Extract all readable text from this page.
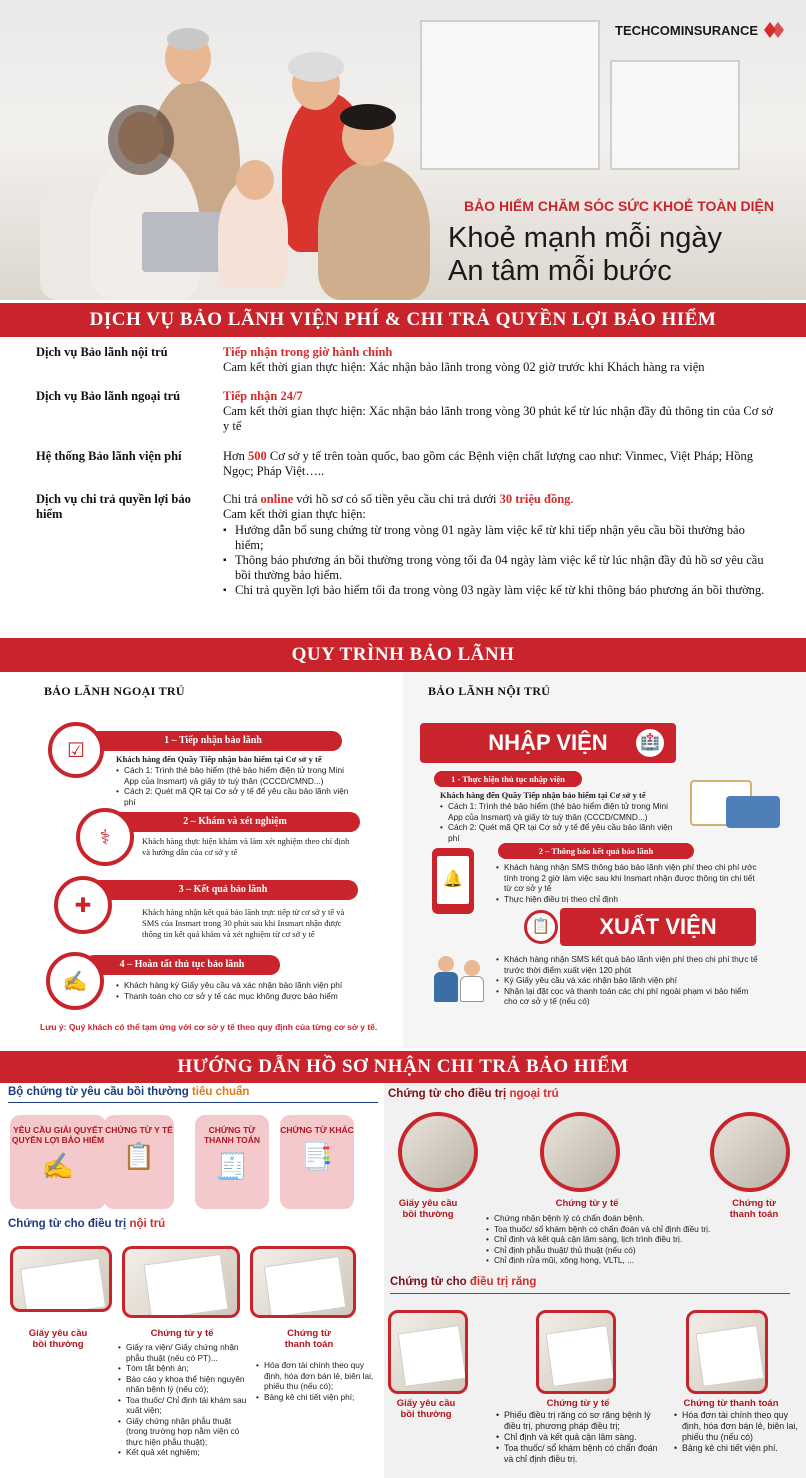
TECHCOMINSURANCE
BẢO HIỂM CHĂM SÓC SỨC KHOẺ TOÀN DIỆN
Khoẻ mạnh mỗi ngày
An tâm mỗi bước
DỊCH VỤ BẢO LÃNH VIỆN PHÍ & CHI TRẢ QUYỀN LỢI BẢO HIỂM
Dịch vụ Bảo lãnh nội trú	Tiếp nhận trong giờ hành chính
Cam kết thời gian thực hiện: Xác nhận bảo lãnh trong vòng 02 giờ trước khi Khách hàng ra viện
Dịch vụ Bảo lãnh ngoại trú	Tiếp nhận 24/7
Cam kết thời gian thực hiện: Xác nhận bảo lãnh trong vòng 30 phút kể từ lúc nhận đầy đủ thông tin của Cơ sở y tế
Hệ thống Bảo lãnh viện phí	Hơn 500 Cơ sở y tế trên toàn quốc, bao gồm các Bệnh viện chất lượng cao như: Vinmec, Việt Pháp; Hồng Ngọc; Pháp Việt…..
Dịch vụ chi trả quyền lợi bảo hiểm
Chi trả online với hồ sơ có số tiền yêu cầu chi trả dưới 30 triệu đồng.
Cam kết thời gian thực hiện:
▪ Hướng dẫn bổ sung chứng từ trong vòng 01 ngày làm việc kể từ khi tiếp nhận yêu cầu bồi thường bảo hiểm;
▪ Thông báo phương án bồi thường trong vòng tối đa 04 ngày làm việc kể từ lúc nhận đầy đủ hồ sơ yêu cầu bồi thường bảo hiểm.
▪ Chi trả quyền lợi bảo hiểm tối đa trong vòng 03 ngày làm việc kể từ khi thông báo phương án bồi thường.
QUY TRÌNH BẢO LÃNH
BẢO LÃNH NGOẠI TRÚ	BẢO LÃNH NỘI TRÚ
1 – Tiếp nhận bảo lãnh
☑	Khách hàng đến Quầy Tiếp nhận bảo hiểm tại Cơ sở y tế
• Cách 1: Trình thẻ bảo hiểm (thẻ bảo hiểm điện tử trong Mini App của Insmart) và giấy tờ tuỳ thân (CCCD/CMND...)
• Cách 2: Quét mã QR tại Cơ sở y tế để yêu cầu bảo lãnh viện phí
2 – Khám và xét nghiệm
⚕	Khách hàng thực hiện khám và làm xét nghiệm theo chỉ định và hướng dẫn của cơ sở y tế
3 – Kết quả bảo lãnh
✚	Khách hàng nhận kết quả bảo lãnh trực tiếp từ cơ sở y tế và SMS của Insmart trong 30 phút sau khi Insmart nhận được thông tin kết quả khám và xét nghiệm từ cơ sở y tế
4 – Hoàn tất thủ tục bảo lãnh
✍
•	Khách hàng ký Giấy yêu cầu và xác nhận bảo lãnh viện phí
• Thanh toán cho cơ sở y tế các mục không được bảo hiểm
Lưu ý: Quý khách có thể tạm ứng với cơ sở y tế theo quy định của từng cơ sở y tế.
NHẬP VIỆN	🏥
1 - Thực hiện thủ tục nhập viện
Khách hàng đến Quầy Tiếp nhận bảo hiểm tại Cơ sở y tế
• Cách 1: Trình thẻ bảo hiểm (thẻ bảo hiểm điện tử trong Mini App của Insmart) và giấy tờ tuỳ thân (CCCD/CMND...)
• Cách 2: Quét mã QR tại Cơ sở y tế để yêu cầu bảo lãnh viện phí
2 – Thông báo kết quả bảo lãnh
🔔
• Khách hàng nhận SMS thông báo bảo lãnh viện phí theo chi phí ước tính trong 2 giờ làm việc sau khi Insmart nhận được thông tin chi tiết từ cơ sở y tế
• Thực hiện điều trị theo chỉ định
📋	XUẤT VIỆN
• Khách hàng nhận SMS kết quả bảo lãnh viện phí theo chi phí thực tế trước thời điểm xuất viện 120 phút
• Ký Giấy yêu cầu và xác nhận bảo lãnh viện phí
• Nhận lại đặt cọc và thanh toán các chi phí ngoài phạm vi bảo hiểm cho cơ sở y tế (nếu có)
HƯỚNG DẪN HỒ SƠ NHẬN CHI TRẢ BẢO HIỂM
Bộ chứng từ yêu cầu bồi thường tiêu chuẩn
YÊU CẦU GIẢI QUYẾT QUYỀN LỢI BẢO HIỂM
✍
CHỨNG TỪ Y TẾ
📋
CHỨNG TỪ THANH TOÁN
🧾
CHỨNG TỪ KHÁC
📑
Chứng từ cho điều trị nội trú
Giấy yêu cầu bồi thường
Chứng từ y tế
• Giấy ra viện/ Giấy chứng nhận phẫu thuật (nếu có PT)...
• Tóm tắt bệnh án;
• Báo cáo y khoa thể hiện nguyên nhân bệnh lý (nếu có);
• Toa thuốc/ Chỉ định tái khám sau xuất viện;
• Giấy chứng nhận phẫu thuật (trong trường hợp nằm viện có thực hiện phẫu thuật);
• Kết quả xét nghiệm;
Chứng từ thanh toán
• Hóa đơn tài chính theo quy định, hóa đơn bán lẻ, biên lai, phiếu thu (nếu có);
• Bảng kê chi tiết viện phí;
Chứng từ cho điều trị ngoại trú
Giấy yêu cầu bồi thường
Chứng từ y tế
• Chứng nhận bệnh lý có chẩn đoán bệnh.
• Toa thuốc/ sổ khám bệnh có chẩn đoán và chỉ định điều trị.
• Chỉ định và kết quả cận lâm sàng, lịch trình điều trị.
• Chỉ định phẫu thuật/ thủ thuật (nếu có)
• Chỉ định rửa mũi, xông họng, VLTL, ...
Chứng từ thanh toán
Chứng từ cho điều trị răng
Giấy yêu cầu bồi thường
Chứng từ y tế
• Phiếu điều trị răng có sơ răng bệnh lý điều trị, phương pháp điều trị;
• Chỉ định và kết quả cận lâm sàng.
• Toa thuốc/ sổ khám bệnh có chẩn đoán và chỉ định điều trị.
Chứng từ thanh toán
• Hóa đơn tài chính theo quy định, hóa đơn bán lẻ, biên lai, phiếu thu (nếu có)
• Bảng kê chi tiết viện phí.
